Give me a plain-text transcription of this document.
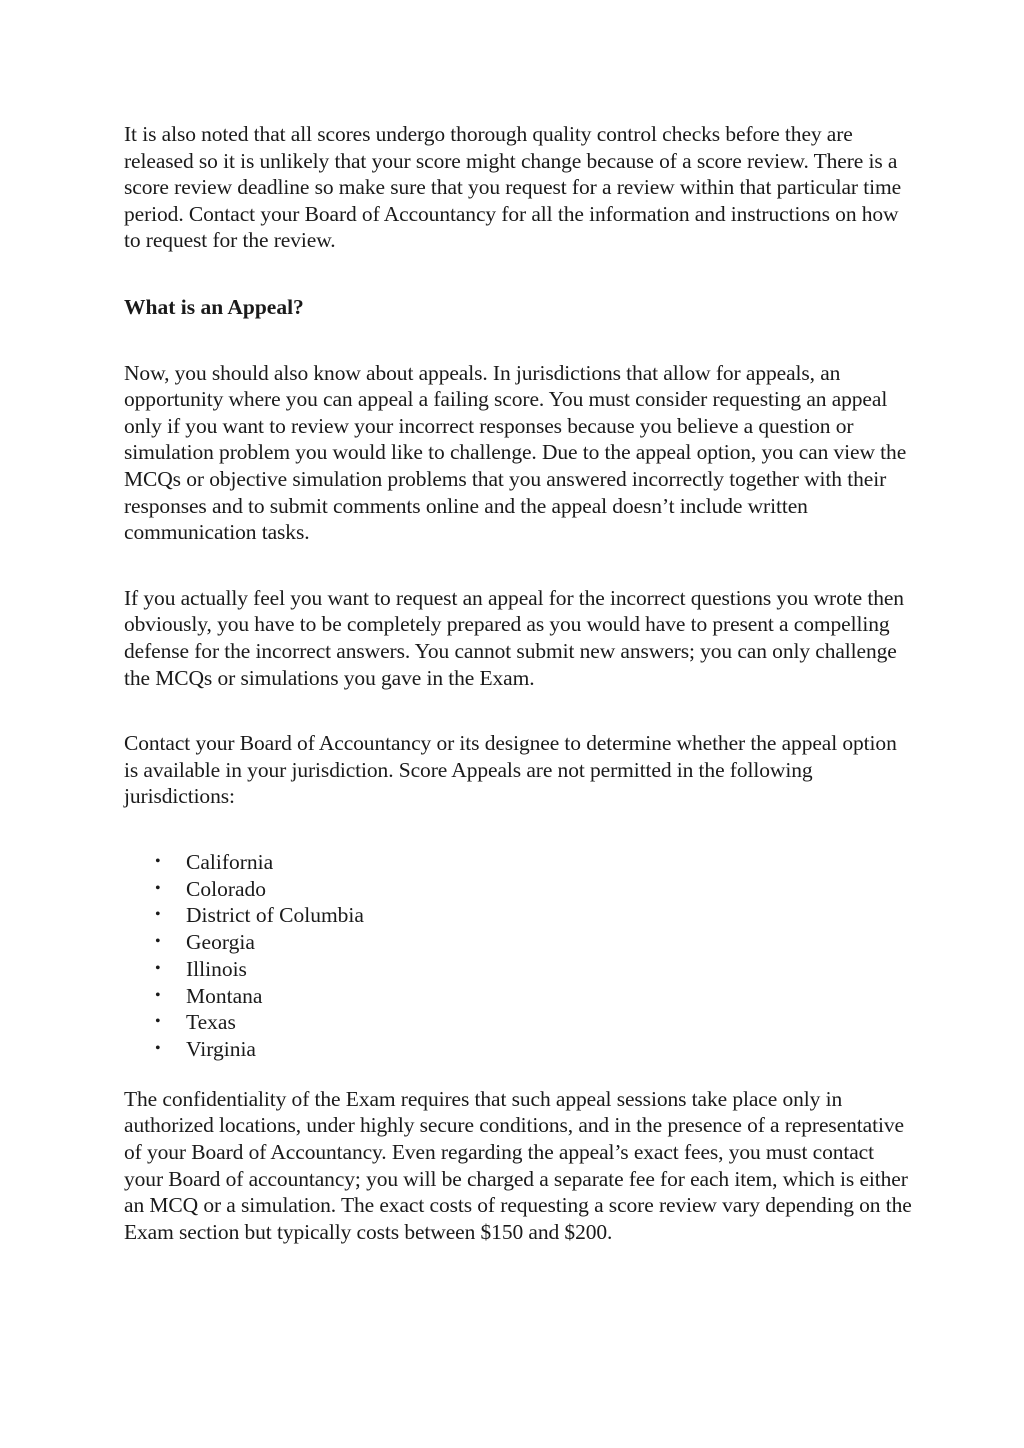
It is also noted that all scores undergo thorough quality control checks before they are released so it is unlikely that your score might change because of a score review. There is a score review deadline so make sure that you request for a review within that particular time period. Contact your Board of Accountancy for all the information and instructions on how to request for the review.

What is an Appeal?

Now, you should also know about appeals. In jurisdictions that allow for appeals, an opportunity where you can appeal a failing score. You must consider requesting an appeal only if you want to review your incorrect responses because you believe a question or simulation problem you would like to challenge. Due to the appeal option, you can view the MCQs or objective simulation problems that you answered incorrectly together with their responses and to submit comments online and the appeal doesn’t include written communication tasks.

If you actually feel you want to request an appeal for the incorrect questions you wrote then obviously, you have to be completely prepared as you would have to present a compelling defense for the incorrect answers. You cannot submit new answers; you can only challenge the MCQs or simulations you gave in the Exam.

Contact your Board of Accountancy or its designee to determine whether the appeal option is available in your jurisdiction. Score Appeals are not permitted in the following jurisdictions:

• California
• Colorado
• District of Columbia
• Georgia
• Illinois
• Montana
• Texas
• Virginia

The confidentiality of the Exam requires that such appeal sessions take place only in authorized locations, under highly secure conditions, and in the presence of a representative of your Board of Accountancy. Even regarding the appeal’s exact fees, you must contact your Board of accountancy; you will be charged a separate fee for each item, which is either an MCQ or a simulation. The exact costs of requesting a score review vary depending on the Exam section but typically costs between $150 and $200.
